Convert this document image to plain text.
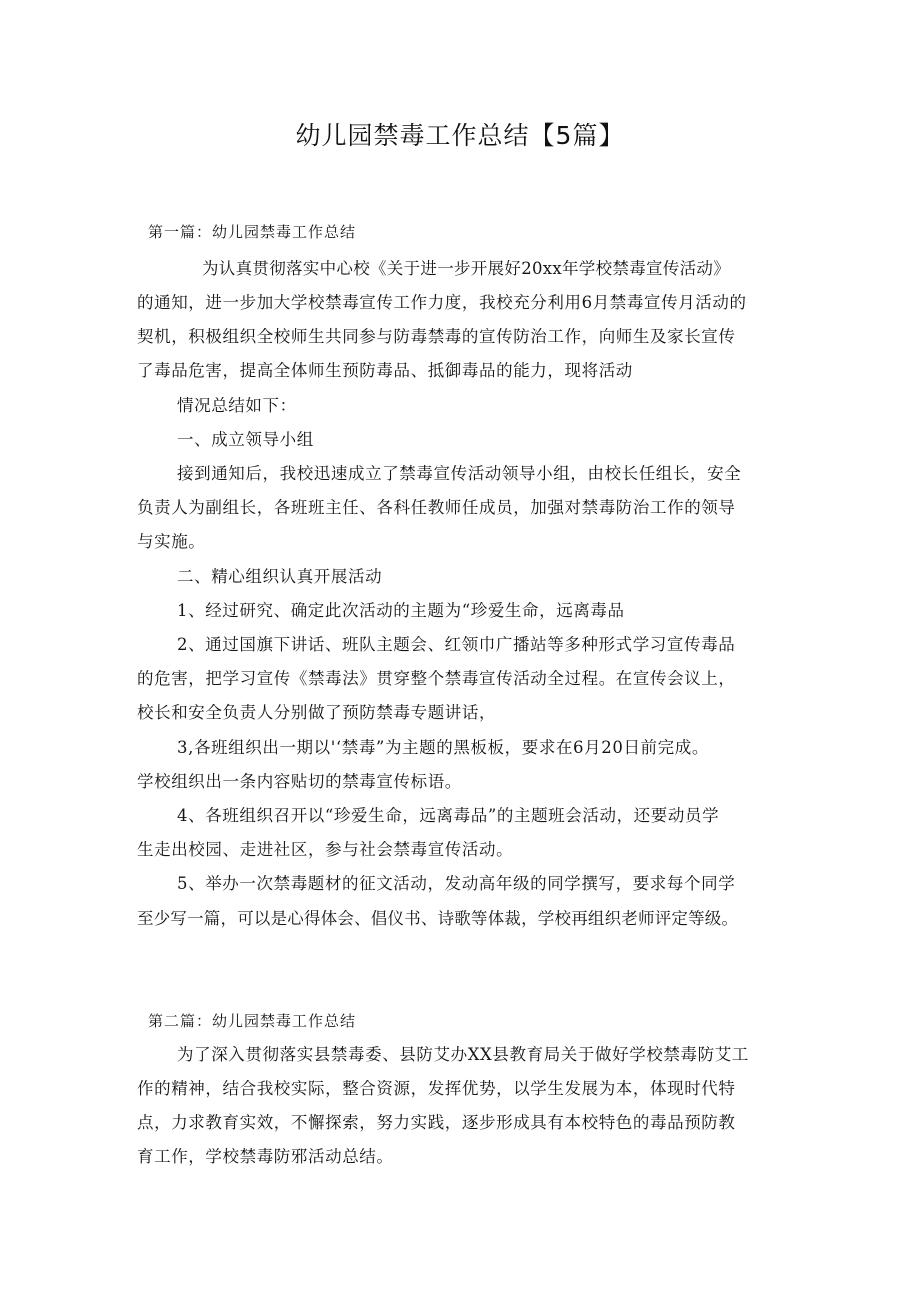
幼儿园禁毒工作总结【5篇】
第一篇：幼儿园禁毒工作总结
为认真贯彻落实中心校《关于进一步开展好20xx年学校禁毒宣传活动》
的通知，进一步加大学校禁毒宣传工作力度，我校充分利用6月禁毒宣传月活动的
契机，积极组织全校师生共同参与防毒禁毒的宣传防治工作，向师生及家长宣传
了毒品危害，提高全体师生预防毒品、抵御毒品的能力，现将活动
情况总结如下：
一、成立领导小组
接到通知后，我校迅速成立了禁毒宣传活动领导小组，由校长任组长，安全
负责人为副组长，各班班主任、各科任教师任成员，加强对禁毒防治工作的领导
与实施。
二、精心组织认真开展活动
1、经过研究、确定此次活动的主题为“珍爱生命，远离毒品
2、通过国旗下讲话、班队主题会、红领巾广播站等多种形式学习宣传毒品
的危害，把学习宣传《禁毒法》贯穿整个禁毒宣传活动全过程。在宣传会议上，
校长和安全负责人分别做了预防禁毒专题讲话，
3,各班组织出一期以'‘禁毒”为主题的黑板板，要求在6月20日前完成。
学校组织出一条内容贴切的禁毒宣传标语。
4、各班组织召开以“珍爱生命，远离毒品”的主题班会活动，还要动员学
生走出校园、走进社区，参与社会禁毒宣传活动。
5、举办一次禁毒题材的征文活动，发动高年级的同学撰写，要求每个同学
至少写一篇，可以是心得体会、倡仪书、诗歌等体裁，学校再组织老师评定等级。
第二篇：幼儿园禁毒工作总结
为了深入贯彻落实县禁毒委、县防艾办XX县教育局关于做好学校禁毒防艾工
作的精神，结合我校实际，整合资源，发挥优势，以学生发展为本，体现时代特
点，力求教育实效，不懈探索，努力实践，逐步形成具有本校特色的毒品预防教
育工作，学校禁毒防邪活动总结。
